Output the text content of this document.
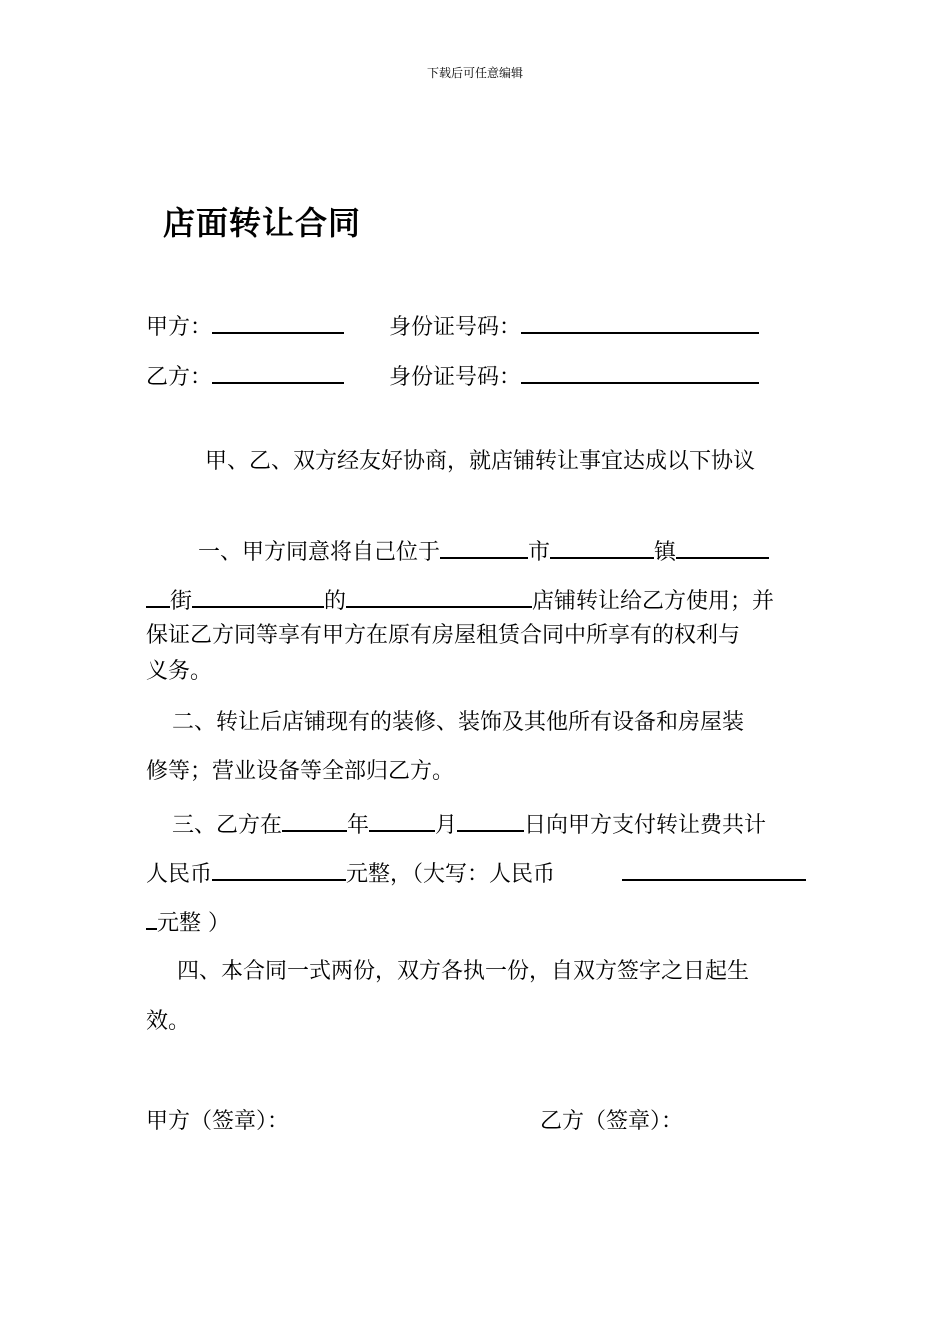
下载后可任意编辑
店面转让合同
甲方：	身份证号码：
乙方：	身份证号码：
甲、乙、双方经友好协商，就店铺转让事宜达成以下协议
一、甲方同意将自己位于	市	镇
街	的	店铺转让给乙方使用；并
保证乙方同等享有甲方在原有房屋租赁合同中所享有的权利与
义务。
二、转让后店铺现有的装修、装饰及其他所有设备和房屋装
修等；营业设备等全部归乙方。
三、乙方在	年	月	日向甲方支付转让费共计
人民币	元整，（大写：人民币
元整 ）
四、本合同一式两份，双方各执一份，自双方签字之日起生
效。
甲方（签章）：	乙方（签章）：
